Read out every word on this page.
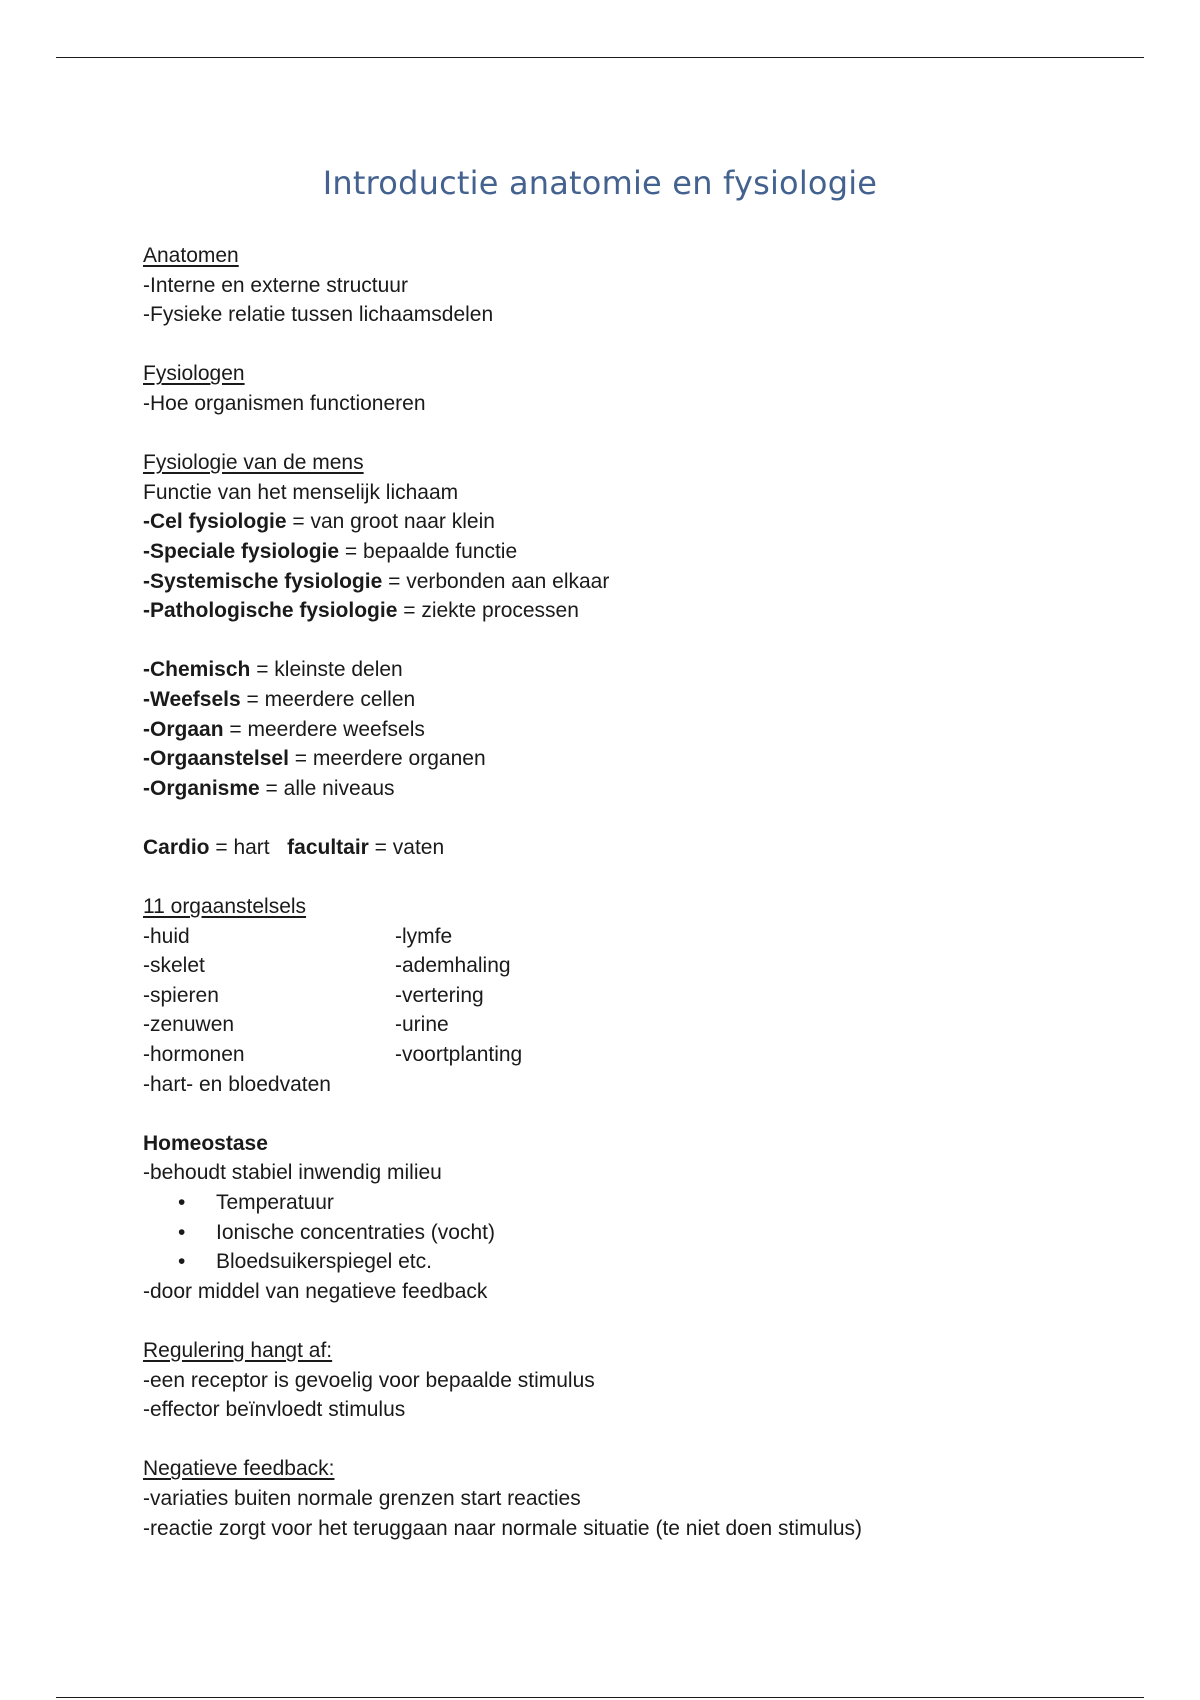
Introductie anatomie en fysiologie
Anatomen
-Interne en externe structuur
-Fysieke relatie tussen lichaamsdelen
Fysiologen
-Hoe organismen functioneren
Fysiologie van de mens
Functie van het menselijk lichaam
-Cel fysiologie = van groot naar klein
-Speciale fysiologie = bepaalde functie
-Systemische fysiologie = verbonden aan elkaar
-Pathologische fysiologie = ziekte processen
-Chemisch = kleinste delen
-Weefsels = meerdere cellen
-Orgaan = meerdere weefsels
-Orgaanstelsel = meerdere organen
-Organisme = alle niveaus
Cardio = hart   facultair = vaten
11 orgaanstelsels
-huid	-lymfe
-skelet	-ademhaling
-spieren	-vertering
-zenuwen	-urine
-hormonen	-voortplanting
-hart- en bloedvaten
Homeostase
-behoudt stabiel inwendig milieu
• Temperatuur
• Ionische concentraties (vocht)
• Bloedsuikerspiegel etc.
-door middel van negatieve feedback
Regulering hangt af:
-een receptor is gevoelig voor bepaalde stimulus
-effector beïnvloedt stimulus
Negatieve feedback:
-variaties buiten normale grenzen start reacties
-reactie zorgt voor het teruggaan naar normale situatie (te niet doen stimulus)
